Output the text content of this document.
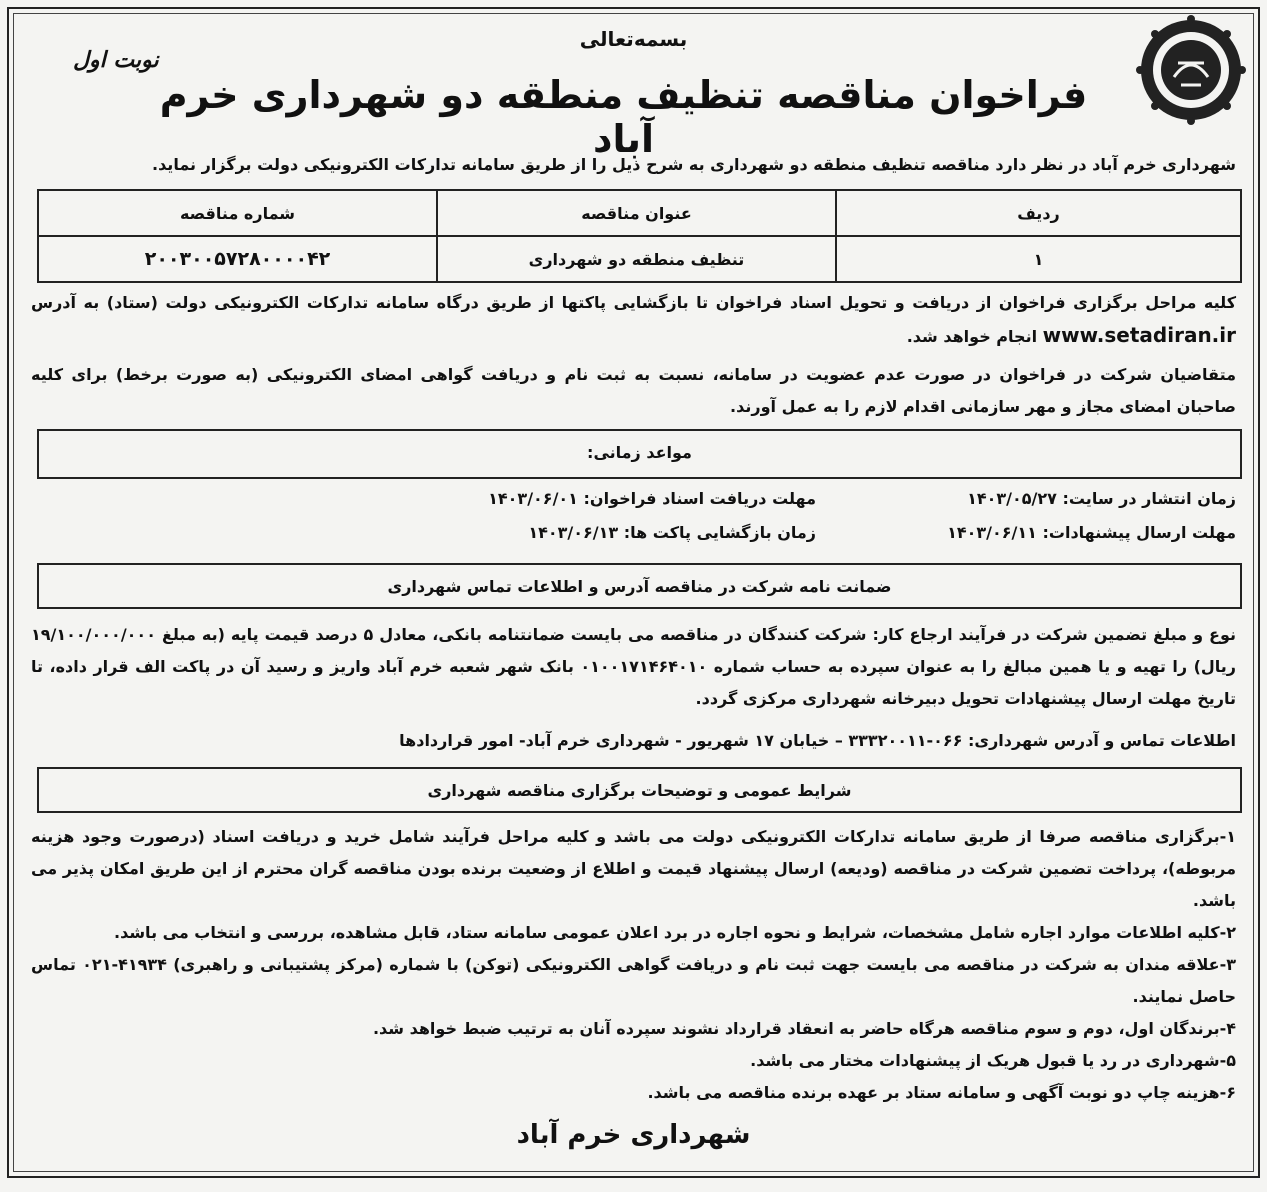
نوبت اول
بسمه‌تعالی
فراخوان مناقصه تنظیف منطقه دو شهرداری خرم آباد
شهرداری خرم آباد در نظر دارد مناقصه تنظیف منطقه دو شهرداری به شرح ذیل را از طریق سامانه تدارکات الکترونیکی دولت برگزار نماید.
ردیف	عنوان مناقصه	شماره مناقصه
۱	تنظیف منطقه دو شهرداری	۲۰۰۳۰۰۵۷۲۸۰۰۰۰۴۲
کلیه مراحل برگزاری فراخوان از دریافت و تحویل اسناد فراخوان تا بازگشایی پاکتها از طریق درگاه سامانه تدارکات الکترونیکی دولت (ستاد) به آدرس www.setadiran.ir انجام خواهد شد.
متقاضیان شرکت در فراخوان در صورت عدم عضویت در سامانه، نسبت به ثبت نام و دریافت گواهی امضای الکترونیکی (به صورت برخط) برای کلیه صاحبان امضای مجاز و مهر سازمانی اقدام لازم را به عمل آورند.
مواعد زمانی:
زمان انتشار در سایت: ۱۴۰۳/۰۵/۲۷
مهلت دریافت اسناد فراخوان: ۱۴۰۳/۰۶/۰۱
مهلت ارسال پیشنهادات: ۱۴۰۳/۰۶/۱۱
زمان بازگشایی پاکت ها: ۱۴۰۳/۰۶/۱۳
ضمانت نامه شرکت در مناقصه آدرس و اطلاعات تماس شهرداری
نوع و مبلغ تضمین شرکت در فرآیند ارجاع کار: شرکت کنندگان در مناقصه می بایست ضمانتنامه بانکی، معادل ۵ درصد قیمت پایه (به مبلغ ۱۹/۱۰۰/۰۰۰/۰۰۰ ریال) را تهیه و یا همین مبالغ را به عنوان سپرده به حساب شماره ۰۱۰۰۱۷۱۴۶۴۰۱۰ بانک شهر شعبه خرم آباد واریز و رسید آن در پاکت الف قرار داده، تا تاریخ مهلت ارسال پیشنهادات تحویل دبیرخانه شهرداری مرکزی گردد.
اطلاعات تماس و آدرس شهرداری: ۰۶۶-۳۳۳۲۰۰۱۱ – خیابان ۱۷ شهریور - شهرداری خرم آباد- امور قراردادها
شرایط عمومی و توضیحات برگزاری مناقصه شهرداری
۱-برگزاری مناقصه صرفا از طریق سامانه تدارکات الکترونیکی دولت می باشد و کلیه مراحل فرآیند شامل خرید و دریافت اسناد (درصورت وجود هزینه مربوطه)، پرداخت تضمین شرکت در مناقصه (ودیعه) ارسال پیشنهاد قیمت و اطلاع از وضعیت برنده بودن مناقصه گران محترم از این طریق امکان پذیر می باشد.
۲-کلیه اطلاعات موارد اجاره شامل مشخصات، شرایط و نحوه اجاره در برد اعلان عمومی سامانه ستاد، قابل مشاهده، بررسی و انتخاب می باشد.
۳-علاقه مندان به شرکت در مناقصه می بایست جهت ثبت نام و دریافت گواهی الکترونیکی (توکن) با شماره (مرکز پشتیبانی و راهبری) ۴۱۹۳۴-۰۲۱ تماس حاصل نمایند.
۴-برندگان اول، دوم و سوم مناقصه هرگاه حاضر به انعقاد قرارداد نشوند سپرده آنان به ترتیب ضبط خواهد شد.
۵-شهرداری در رد یا قبول هریک از پیشنهادات مختار می باشد.
۶-هزینه چاپ دو نوبت آگهی و سامانه ستاد بر عهده برنده مناقصه می باشد.
شهرداری خرم آباد
